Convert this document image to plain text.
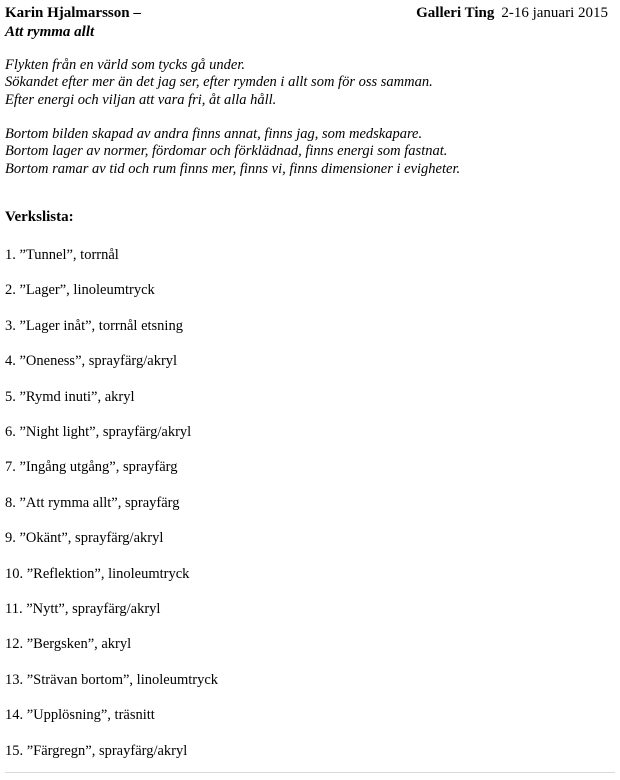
Karin Hjalmarsson –
Att rymma allt
Galleri Ting 2-16 januari 2015
Flykten från en värld som tycks gå under.
Sökandet efter mer än det jag ser, efter rymden i allt som för oss samman.
Efter energi och viljan att vara fri, åt alla håll.
Bortom bilden skapad av andra finns annat, finns jag, som medskapare.
Bortom lager av normer, fördomar och förklädnad, finns energi som fastnat.
Bortom ramar av tid och rum finns mer, finns vi, finns dimensioner i evigheter.
Verkslista:
1. ”Tunnel”, torrnål
2. ”Lager”, linoleumtryck
3. ”Lager inåt”, torrnål etsning
4. ”Oneness”, sprayfärg/akryl
5. ”Rymd inuti”, akryl
6. ”Night light”, sprayfärg/akryl
7. ”Ingång utgång”, sprayfärg
8. ”Att rymma allt”, sprayfärg
9. ”Okänt”, sprayfärg/akryl
10. ”Reflektion”, linoleumtryck
11. ”Nytt”, sprayfärg/akryl
12. ”Bergsken”, akryl
13. ”Strävan bortom”, linoleumtryck
14. ”Upplösning”, träsnitt
15. ”Färgregn”, sprayfärg/akryl
